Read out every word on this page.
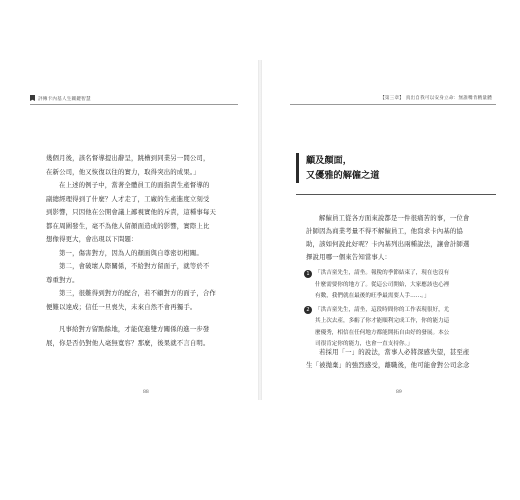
評傳卡內基人生關鍵智慧	【第三章】 真出自我可以安身立命：無誰嘴肯精量體

幾個月後，該名督導提出辭呈，跳槽到同業另一間公司，

在新公司，他又恢復以往的實力，取得突出的成果。」

在上述的例子中，當著全體員工的面指責生產督導的

副總經理得到了什麼？人才走了，工廠的生產進度立刻受

到影響，只因他在公開會議上鄙視實他的斥責，這種事每天

都在周圍發生，毫不為他人留顏面造成的影響，實際上比

想像得更大，會出現以下問題：

第一，傷害對方，因為人的顏面與自尊密切相關。

第二，會破壞人際關係，不給對方留面子，就等於不

尊重對方。

第三，很難得到對方的配合，若不顧對方的面子，合作

便難以達成；信任一旦喪失，未來自然不會再獨手。

凡事給對方留點餘地，才能促進雙方關係的進一步發

展，你是否仍對他人毫無寬容？那麼，後果就不言自明。

顧及顏面，
又優雅的解僱之道

解僱員工從各方面來說都是一件很痛苦的事，一位會

計師因為商業考量不得不解僱員工，他寫求卡內基的協

助，該如何說此好呢？卡內基列出兩種說法，讓會計師選

擇說用哪一個來告知當事人：

1 「洪吉童先生，請坐。報稅的季節結束了，現在也沒有

什麼需要你的地方了。從這公司開始，大家應該也心裡

有數，我們就在最後的旺季最需要人手……。」

2 「洪吉童先生，請坐，這段時間你的工作表現很好，尤

其上次去產，多虧了你才能順利完成工作，你的能力這

麼優秀，相信在任何地方都能開拓自由好的發展。本公

司很肯定你的能力，也會一直支持你。」

若採用「一」的說法，當事人必將深感失望，甚至產

生「被拋棄」的強烈感受，離職後，他可能會對公司念念

88	89
